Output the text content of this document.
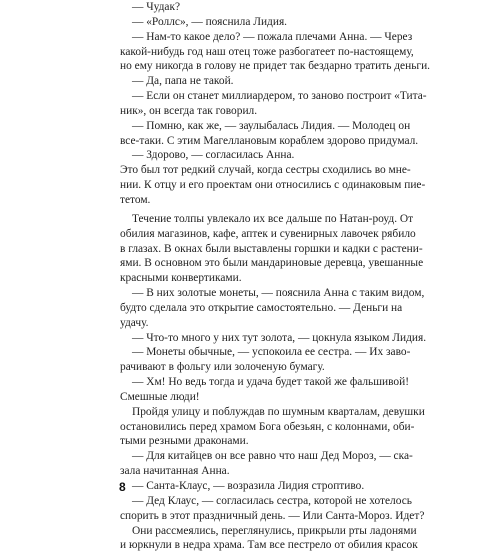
— Чудак?
— «Роллс», — пояснила Лидия.
— Нам-то какое дело? — пожала плечами Анна. — Через
какой-нибудь год наш отец тоже разбогатеет по-настоящему,
но ему никогда в голову не придет так бездарно тратить деньги.
— Да, папа не такой.
— Если он станет миллиардером, то заново построит «Тита-
ник», он всегда так говорил.
— Помню, как же, — заулыбалась Лидия. — Молодец он
все-таки. С этим Магеллановым кораблем здорово придумал.
— Здорово, — согласилась Анна.
Это был тот редкий случай, когда сестры сходились во мне-
нии. К отцу и его проектам они относились с одинаковым пие-
тетом.
Течение толпы увлекало их все дальше по Натан-роуд. От
обилия магазинов, кафе, аптек и сувенирных лавочек рябило
в глазах. В окнах были выставлены горшки и кадки с растени-
ями. В основном это были мандариновые деревца, увешанные
красными конвертиками.
— В них золотые монеты, — пояснила Анна с таким видом,
будто сделала это открытие самостоятельно. — Деньги на
удачу.
— Что-то много у них тут золота, — цокнула языком Лидия.
— Монеты обычные, — успокоила ее сестра. — Их заво-
рачивают в фольгу или золоченую бумагу.
— Хм! Но ведь тогда и удача будет такой же фальшивой!
Смешные люди!
Пройдя улицу и поблуждав по шумным кварталам, девушки
остановились перед храмом Бога обезьян, с колоннами, оби-
тыми резными драконами.
— Для китайцев он все равно что наш Дед Мороз, — ска-
зала начитанная Анна.
— Санта-Клаус, — возразила Лидия строптиво.
— Дед Клаус, — согласилась сестра, которой не хотелось
спорить в этот праздничный день. — Или Санта-Мороз. Идет?
Они рассмеялись, переглянулись, прикрыли рты ладонями
и юркнули в недра храма. Там все пестрело от обилия красок
8
